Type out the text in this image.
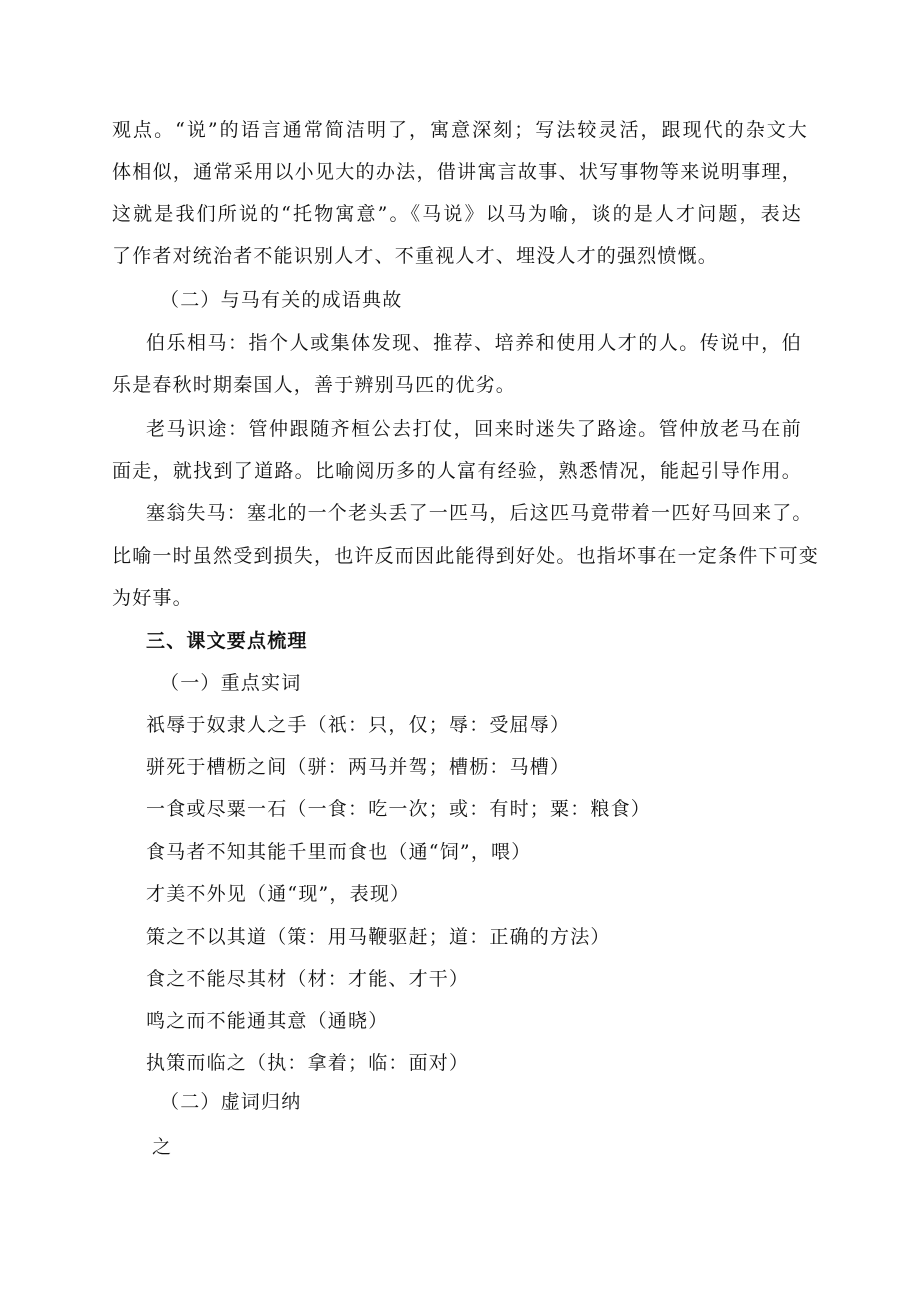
观点。“说”的语言通常简洁明了，寓意深刻；写法较灵活，跟现代的杂文大
体相似，通常采用以小见大的办法，借讲寓言故事、状写事物等来说明事理，
这就是我们所说的“托物寓意”。《马说》以马为喻，谈的是人才问题，表达
了作者对统治者不能识别人才、不重视人才、埋没人才的强烈愤慨。
（二）与马有关的成语典故
伯乐相马：指个人或集体发现、推荐、培养和使用人才的人。传说中，伯
乐是春秋时期秦国人，善于辨别马匹的优劣。
老马识途：管仲跟随齐桓公去打仗，回来时迷失了路途。管仲放老马在前
面走，就找到了道路。比喻阅历多的人富有经验，熟悉情况，能起引导作用。
塞翁失马：塞北的一个老头丢了一匹马，后这匹马竟带着一匹好马回来了。
比喻一时虽然受到损失，也许反而因此能得到好处。也指坏事在一定条件下可变
为好事。
三、课文要点梳理
（一）重点实词
祇辱于奴隶人之手（祇：只，仅；辱：受屈辱）
骈死于槽枥之间（骈：两马并驾；槽枥：马槽）
一食或尽粟一石（一食：吃一次；或：有时；粟：粮食）
食马者不知其能千里而食也（通“饲”，喂）
才美不外见（通“现”，表现）
策之不以其道（策：用马鞭驱赶；道：正确的方法）
食之不能尽其材（材：才能、才干）
鸣之而不能通其意（通晓）
执策而临之（执：拿着；临：面对）
（二）虚词归纳
之
